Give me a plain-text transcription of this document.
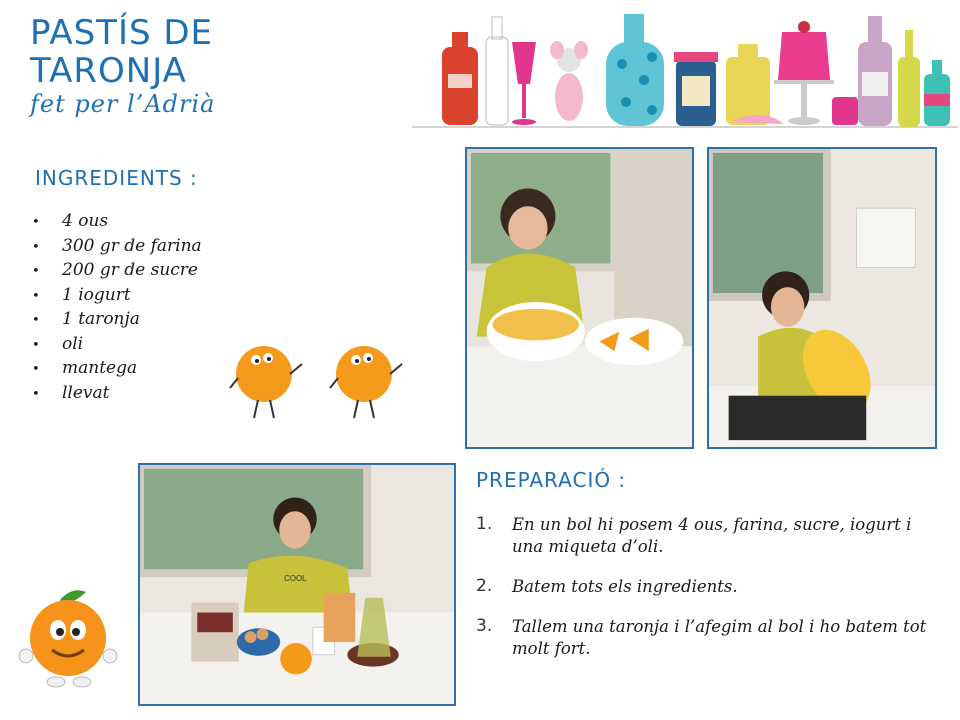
PASTÍS DE
TARONJA
fet per l’Adrià
INGREDIENTS :
• 4 ous
• 300 gr de farina
• 200 gr de sucre
• 1 iogurt
• 1 taronja
• oli
• mantega
• llevat
COOL
PREPARACIÓ :
1. En un bol hi posem 4 ous, farina, sucre, iogurt i una miqueta d’oli.
2. Batem tots els ingredients.
3. Tallem una taronja i l’afegim al bol i ho batem tot molt fort.
